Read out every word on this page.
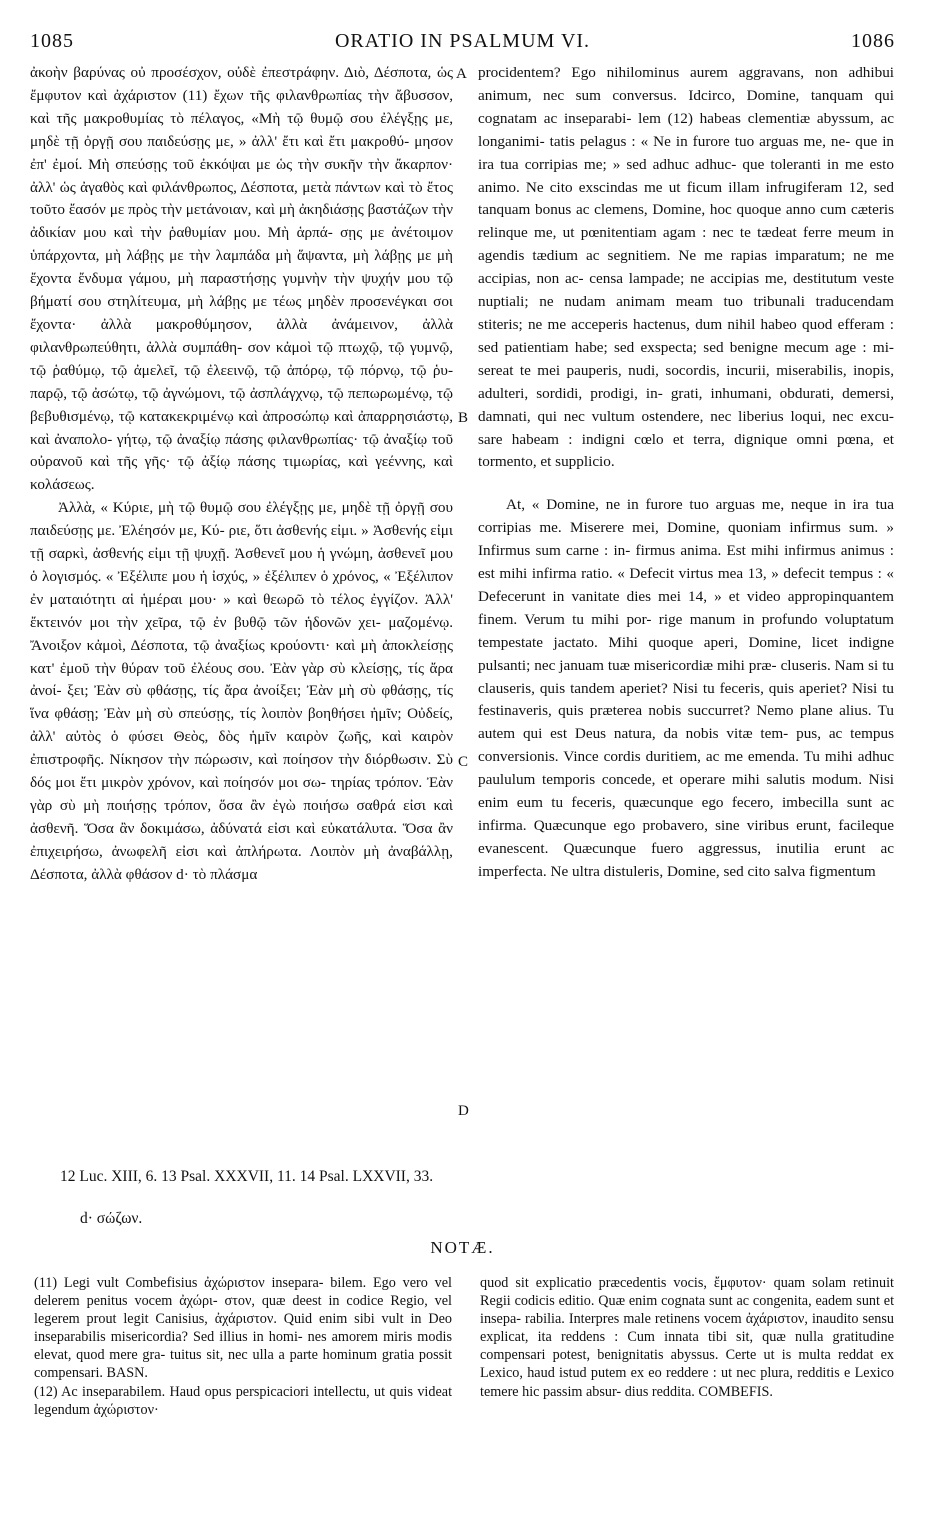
1085	ORATIO IN PSALMUM VI.	1086

ἀκοὴν βαρύνας οὐ προσέσχον, οὐδὲ ἐπεστράφην. Διὸ, Δέσποτα, ὡς ἔμφυτον καὶ ἀχάριστον (11) ἔχων τῆς φιλανθρωπίας τὴν ἄβυσσον, καὶ τῆς μακροθυμίας τὸ πέλαγος, «Μὴ τῷ θυμῷ σου ἐλέγξῃς με, μηδὲ τῇ ὀργῇ σου παιδεύσῃς με, » ἀλλ' ἔτι καὶ ἔτι μακροθύ- μησον ἐπ' ἐμοί. Μὴ σπεύσῃς τοῦ ἐκκόψαι με ὡς τὴν συκῆν τὴν ἄκαρπον· ἀλλ' ὡς ἀγαθὸς καὶ φιλάνθρωπος, Δέσποτα, μετὰ πάντων καὶ τὸ ἔτος τοῦτο ἔασόν με πρὸς τὴν μετάνοιαν, καὶ μὴ ἀκηδιάσῃς βαστάζων τὴν ἀδικίαν μου καὶ τὴν ῥαθυμίαν μου. Μὴ ἁρπά- σῃς με ἀνέτοιμον ὑπάρχοντα, μὴ λάβῃς με τὴν λαμπάδα μὴ ἅψαντα, μὴ λάβῃς με μὴ ἔχοντα ἔνδυμα γάμου, μὴ παραστήσῃς γυμνὴν τὴν ψυχήν μου τῷ βήματί σου στηλίτευμα, μὴ λάβῃς με τέως μηδὲν προσενέγκαι σοι ἔχοντα· ἀλλὰ μακροθύμησον, ἀλλὰ ἀνάμεινον, ἀλλὰ φιλανθρωπεύθητι, ἀλλὰ συμπάθη- σον κἀμοὶ τῷ πτωχῷ, τῷ γυμνῷ, τῷ ῥαθύμῳ, τῷ ἀμελεῖ, τῷ ἐλεεινῷ, τῷ ἀπόρῳ, τῷ πόρνῳ, τῷ ῥυ- παρῷ, τῷ ἀσώτῳ, τῷ ἀγνώμονι, τῷ ἀσπλάγχνῳ, τῷ πεπωρωμένῳ, τῷ βεβυθισμένῳ, τῷ κατακεκριμένῳ καὶ ἀπροσώπῳ καὶ ἀπαρρησιάστῳ, καὶ ἀναπολο- γήτῳ, τῷ ἀναξίῳ πάσης φιλανθρωπίας· τῷ ἀναξίῳ τοῦ οὐρανοῦ καὶ τῆς γῆς· τῷ ἀξίῳ πάσης τιμωρίας, καὶ γεέννης, καὶ κολάσεως.

Ἀλλὰ, « Κύριε, μὴ τῷ θυμῷ σου ἐλέγξῃς με, μηδὲ τῇ ὀργῇ σου παιδεύσῃς με. Ἐλέησόν με, Κύ- ριε, ὅτι ἀσθενής εἰμι. » Ἀσθενής εἰμι τῇ σαρκὶ, ἀσθενής εἰμι τῇ ψυχῇ. Ἀσθενεῖ μου ἡ γνώμη, ἀσθενεῖ μου ὁ λογισμός. « Ἐξέλιπε μου ἡ ἰσχύς, » ἐξέλιπεν ὁ χρόνος, « Ἐξέλιπον ἐν ματαιότητι αἱ ἡμέραι μου· » καὶ θεωρῶ τὸ τέλος ἐγγίζον. Ἀλλ' ἔκτεινόν μοι τὴν χεῖρα, τῷ ἐν βυθῷ τῶν ἡδονῶν χει- μαζομένῳ. Ἄνοιξον κἀμοὶ, Δέσποτα, τῷ ἀναξίως κρούοντι· καὶ μὴ ἀποκλείσῃς κατ' ἐμοῦ τὴν θύραν τοῦ ἐλέους σου. Ἐὰν γὰρ σὺ κλείσῃς, τίς ἄρα ἀνοί- ξει; Ἐὰν σὺ φθάσῃς, τίς ἄρα ἀνοίξει; Ἐὰν μὴ σὺ φθάσῃς, τίς ἵνα φθάσῃ; Ἐὰν μὴ σὺ σπεύσῃς, τίς λοιπὸν βοηθήσει ἡμῖν; Οὐδείς, ἀλλ' αὐτὸς ὁ φύσει Θεὸς, δὸς ἡμῖν καιρὸν ζωῆς, καὶ καιρὸν ἐπιστροφῆς. Νίκησον τὴν πώρωσιν, καὶ ποίησον τὴν διόρθωσιν. Σὺ δός μοι ἔτι μικρὸν χρόνον, καὶ ποίησόν μοι σω- τηρίας τρόπον. Ἐὰν γὰρ σὺ μὴ ποιήσῃς τρόπον, ὅσα ἂν ἐγὼ ποιήσω σαθρά εἰσι καὶ ἀσθενῆ. Ὅσα ἂν δοκιμάσω, ἀδύνατά εἰσι καὶ εὐκατάλυτα. Ὅσα ἂν ἐπιχειρήσω, ἀνωφελῆ εἰσι καὶ ἀπλήρωτα. Λοιπὸν μὴ ἀναβάλλῃ, Δέσποτα, ἀλλὰ φθάσον d· τὸ πλάσμα

A
B
C
D

procidentem? Ego nihilominus aurem aggravans, non adhibui animum, nec sum conversus. Idcirco, Domine, tanquam qui cognatam ac inseparabi- lem (12) habeas clementiæ abyssum, ac longanimi- tatis pelagus : « Ne in furore tuo arguas me, ne- que in ira tua corripias me; » sed adhuc adhuc- que toleranti in me esto animo. Ne cito exscindas me ut ficum illam infrugiferam 12, sed tanquam bonus ac clemens, Domine, hoc quoque anno cum cæteris relinque me, ut pœnitentiam agam : nec te tædeat ferre meum in agendis tædium ac segnitiem. Ne me rapias imparatum; ne me accipias, non ac- censa lampade; ne accipias me, destitutum veste nuptiali; ne nudam animam meam tuo tribunali traducendam stiteris; ne me acceperis hactenus, dum nihil habeo quod efferam : sed patientiam habe; sed exspecta; sed benigne mecum age : mi- sereat te mei pauperis, nudi, socordis, incurii, miserabilis, inopis, adulteri, sordidi, prodigi, in- grati, inhumani, obdurati, demersi, damnati, qui nec vultum ostendere, nec liberius loqui, nec excu- sare habeam : indigni cœlo et terra, dignique omni pœna, et tormento, et supplicio.

At, « Domine, ne in furore tuo arguas me, neque in ira tua corripias me. Miserere mei, Domine, quoniam infirmus sum. » Infirmus sum carne : in- firmus anima. Est mihi infirmus animus : est mihi infirma ratio. « Defecit virtus mea 13, » defecit tempus : « Defecerunt in vanitate dies mei 14, » et video appropinquantem finem. Verum tu mihi por- rige manum in profundo voluptatum tempestate jactato. Mihi quoque aperi, Domine, licet indigne pulsanti; nec januam tuæ misericordiæ mihi præ- cluseris. Nam si tu clauseris, quis tandem aperiet? Nisi tu feceris, quis aperiet? Nisi tu festinaveris, quis præterea nobis succurret? Nemo plane alius. Tu autem qui est Deus natura, da nobis vitæ tem- pus, ac tempus conversionis. Vince cordis duritiem, ac me emenda. Tu mihi adhuc paululum temporis concede, et operare mihi salutis modum. Nisi enim eum tu feceris, quæcunque ego fecero, imbecilla sunt ac infirma. Quæcunque ego probavero, sine viribus erunt, facileque evanescent. Quæcunque fuero aggressus, inutilia erunt ac imperfecta. Ne ultra distuleris, Domine, sed cito salva figmentum

12 Luc. XIII, 6. 13 Psal. XXXVII, 11. 14 Psal. LXXVII, 33.
d· σώζων.
NOTÆ.

(11) Legi vult Combefisius ἀχώριστον insepara- bilem. Ego vero vel delerem penitus vocem ἀχώρι- στον, quæ deest in codice Regio, vel legerem prout legit Canisius, ἀχάριστον. Quid enim sibi vult in Deo inseparabilis misericordia? Sed illius in homi- nes amorem miris modis elevat, quod mere gra- tuitus sit, nec ulla a parte hominum gratia possit compensari. BASN.

(12) Ac inseparabilem. Haud opus perspicaciori intellectu, ut quis videat legendum ἀχώριστον·

quod sit explicatio præcedentis vocis, ἔμφυτον· quam solam retinuit Regii codicis editio. Quæ enim cognata sunt ac congenita, eadem sunt et insepa- rabilia. Interpres male retinens vocem ἀχάριστον, inaudito sensu explicat, ita reddens : Cum innata tibi sit, quæ nulla gratitudine compensari potest, benignitatis abyssus. Certe ut is multa reddat ex Lexico, haud istud putem ex eo reddere : ut nec plura, redditis e Lexico temere hic passim absur- dius reddita. COMBEFIS.
